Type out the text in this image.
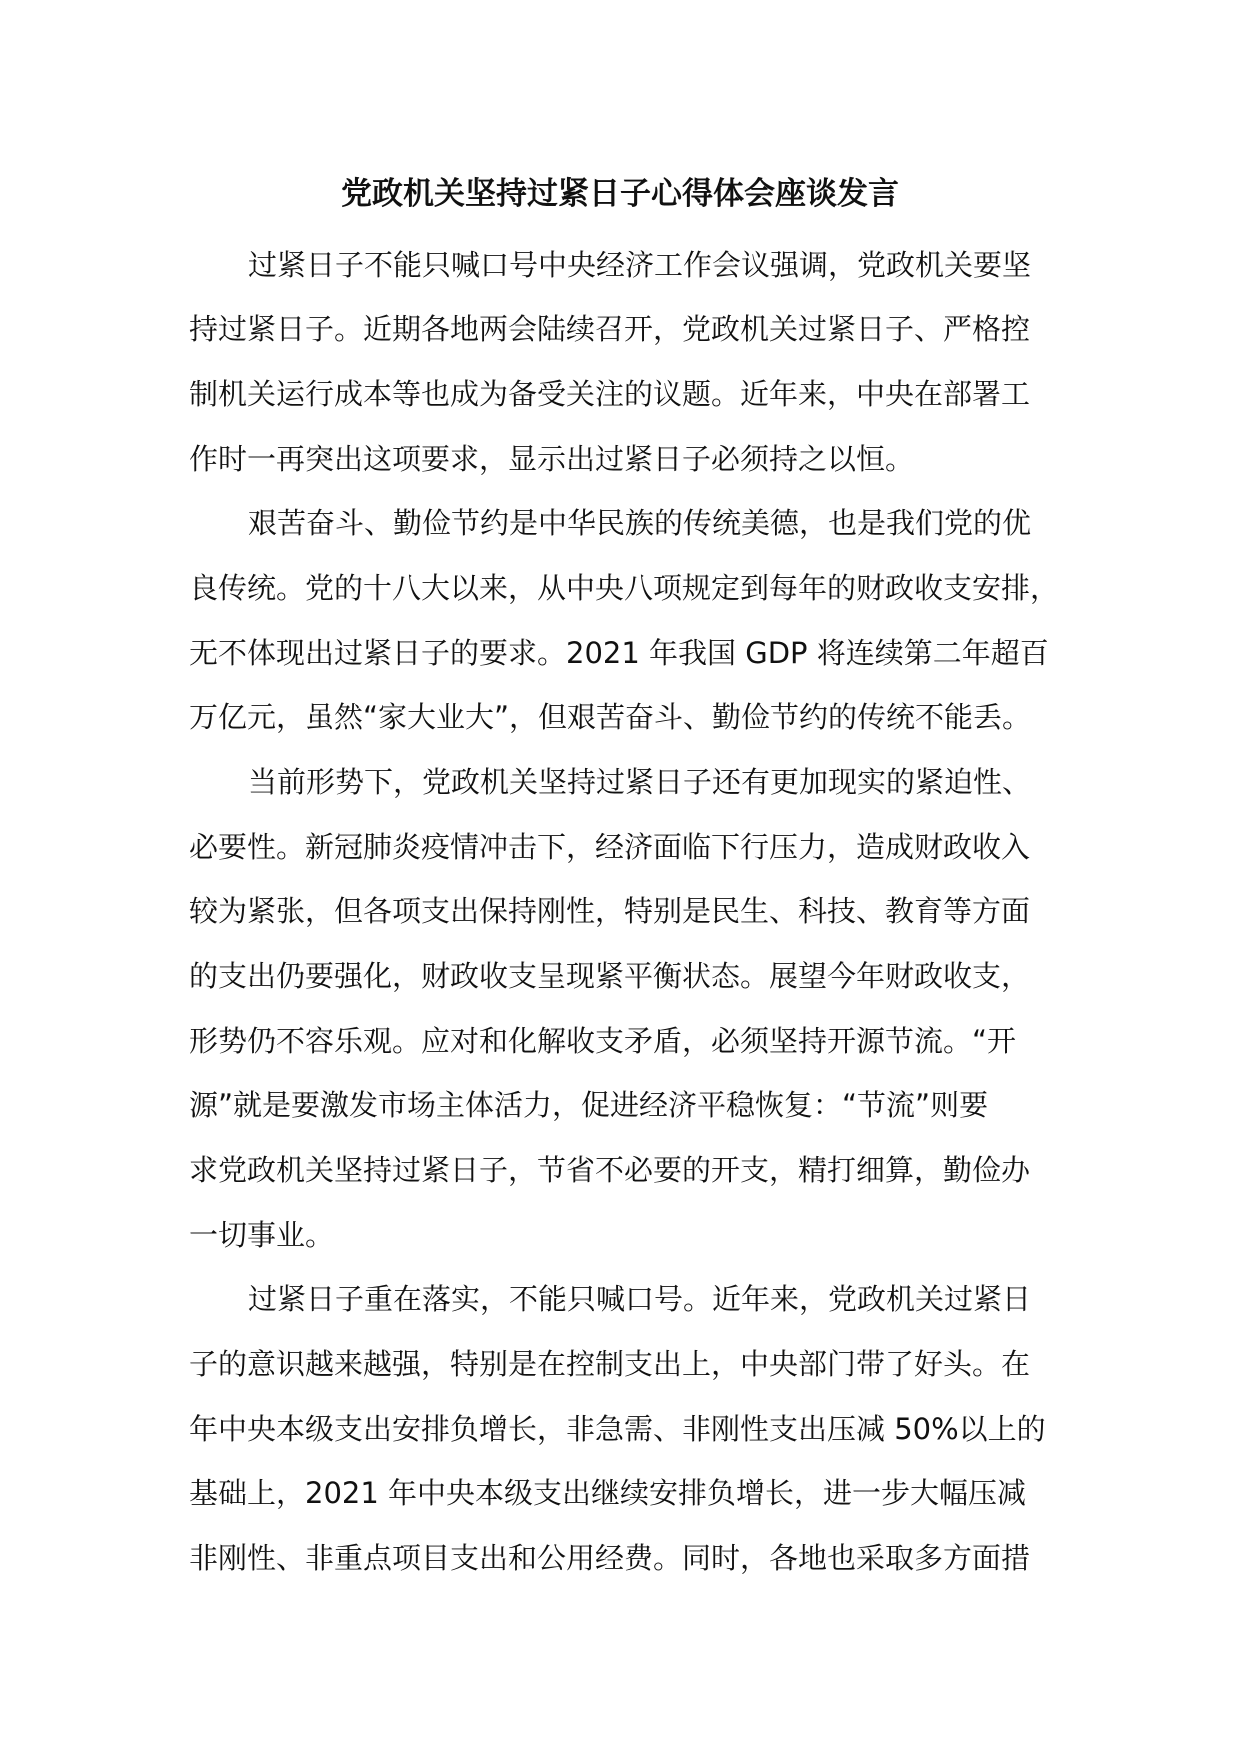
党政机关坚持过紧日子心得体会座谈发言

过紧日子不能只喊口号中央经济工作会议强调，党政机关要坚

持过紧日子。近期各地两会陆续召开，党政机关过紧日子、严格控

制机关运行成本等也成为备受关注的议题。近年来，中央在部署工

作时一再突出这项要求，显示出过紧日子必须持之以恒。

艰苦奋斗、勤俭节约是中华民族的传统美德，也是我们党的优

良传统。党的十八大以来，从中央八项规定到每年的财政收支安排，

无不体现出过紧日子的要求。2021 年我国 GDP 将连续第二年超百

万亿元，虽然“家大业大”，但艰苦奋斗、勤俭节约的传统不能丢。

当前形势下，党政机关坚持过紧日子还有更加现实的紧迫性、

必要性。新冠肺炎疫情冲击下，经济面临下行压力，造成财政收入

较为紧张，但各项支出保持刚性，特别是民生、科技、教育等方面

的支出仍要强化，财政收支呈现紧平衡状态。展望今年财政收支，

形势仍不容乐观。应对和化解收支矛盾，必须坚持开源节流。“开

源”就是要激发市场主体活力，促进经济平稳恢复：“节流”则要

求党政机关坚持过紧日子，节省不必要的开支，精打细算，勤俭办

一切事业。

过紧日子重在落实，不能只喊口号。近年来，党政机关过紧日

子的意识越来越强，特别是在控制支出上，中央部门带了好头。在

年中央本级支出安排负增长，非急需、非刚性支出压减 50%以上的

基础上，2021 年中央本级支出继续安排负增长，进一步大幅压减

非刚性、非重点项目支出和公用经费。同时，各地也采取多方面措
